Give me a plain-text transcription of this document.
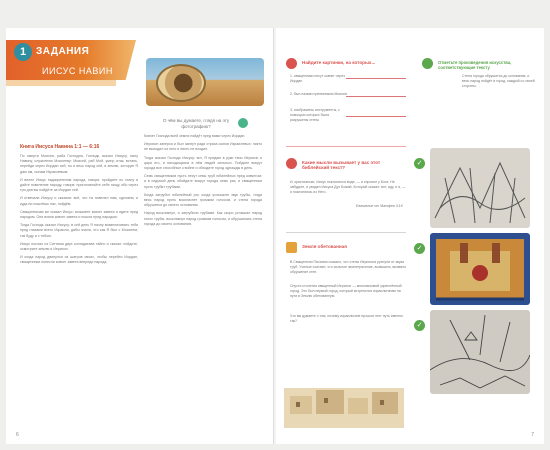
1 ЗАДАНИЯ
ИИСУС НАВИН
О чём вы думаете, глядя на эту фотографию?
Книга Иисуса Навина 1:1 — 6:16

По смерти Моисея, раба Господня, Господь сказал Иисусу, сыну Навину, служителю Моисееву: Моисей, раб Мой, умер; итак, встань, перейди через Иордан сей, ты и весь народ сей, в землю, которую Я даю им, сынам Израилевым.

И велел Иисус надзирателям народа, говоря: пройдите по стану и дайте повеление народу, говоря: приготовляйте себе пищу, ибо через три дня вы пойдёте за Иордан сей.

И отвечали Иисусу и сказали: всё, что ты повелел нам, сделаем, и куда ни пошлёшь нас, пойдём.

Священникам же сказал Иисус: возьмите ковчег завета и идите пред народом. Они взяли ковчег завета и пошли пред народом.

Тогда Господь сказал Иисусу: в сей день Я начну возвеличивать тебя пред глазами всего Израиля, дабы знали, что как Я был с Моисеем, так буду и с тобою.

Иисус послал из Ситтима двух соглядатаев тайно и сказал: пойдите, осмотрите землю и Иерихон.

И когда народ двинулся из шатров своих, чтобы перейти Иордан, священники понесли ковчег завета впереди народа.

Ковчег Господа всей земли пойдёт пред вами через Иордан.

Иерихон заперся и был заперт ради страха сынов Израилевых: никто не выходил из него и никто не входил.

Тогда сказал Господь Иисусу: вот, Я предаю в руки твои Иерихон и царя его, и находящихся в нём людей сильных. Пойдите вокруг города все способные к войне и обходите город однажды в день.

Семь священников пусть несут семь труб юбилейных пред ковчегом; а в седьмой день обойдите вокруг города семь раз, и священники пусть трубят трубами.

Когда затрубит юбилейный рог, когда услышите звук трубы, тогда весь народ пусть воскликнет громким голосом, и стена города обрушится до своего основания.

Народ воскликнул, и затрубили трубами. Как скоро услышал народ голос трубы, воскликнул народ громким голосом, и обрушилась стена города до своего основания.

6
Найдите картинки, на которых...
1. священники несут ковчег через Иордан
2. был назван преемником Моисея
3. изображены инструменты, с помощью которых были разрушены стены
Какие мысли вызывает у вас этот библейский текст?
И, кристиански, Иисус поклонялся воде, — и спросил у Бога: Не забудьте, и увидел Иисуса Дух Божий, Который сказал: вот, иду, и я, — я поклоняюсь из Него.
Евангелие от Матфея 3:16
Земля обетованная
В Священном Писании сказано, что стены Иерихона рухнули от звука труб. Ученые считают, что сильное землетрясение, возможно, вызвало обрушение стен.
Спустя столетия священный Иерихон — многовековой укреплённый город. Это был первый город, который встретился израильтянам на пути в Землю обетованную.
Что вы думаете о том, почему израильтяне прошли этот путь именно так?
Отметьте произведения искусства, соответствующие тексту
Стена города обрушится до основания, и весь народ пойдёт в город, каждый со своей стороны.
✓
✓
✓
7
